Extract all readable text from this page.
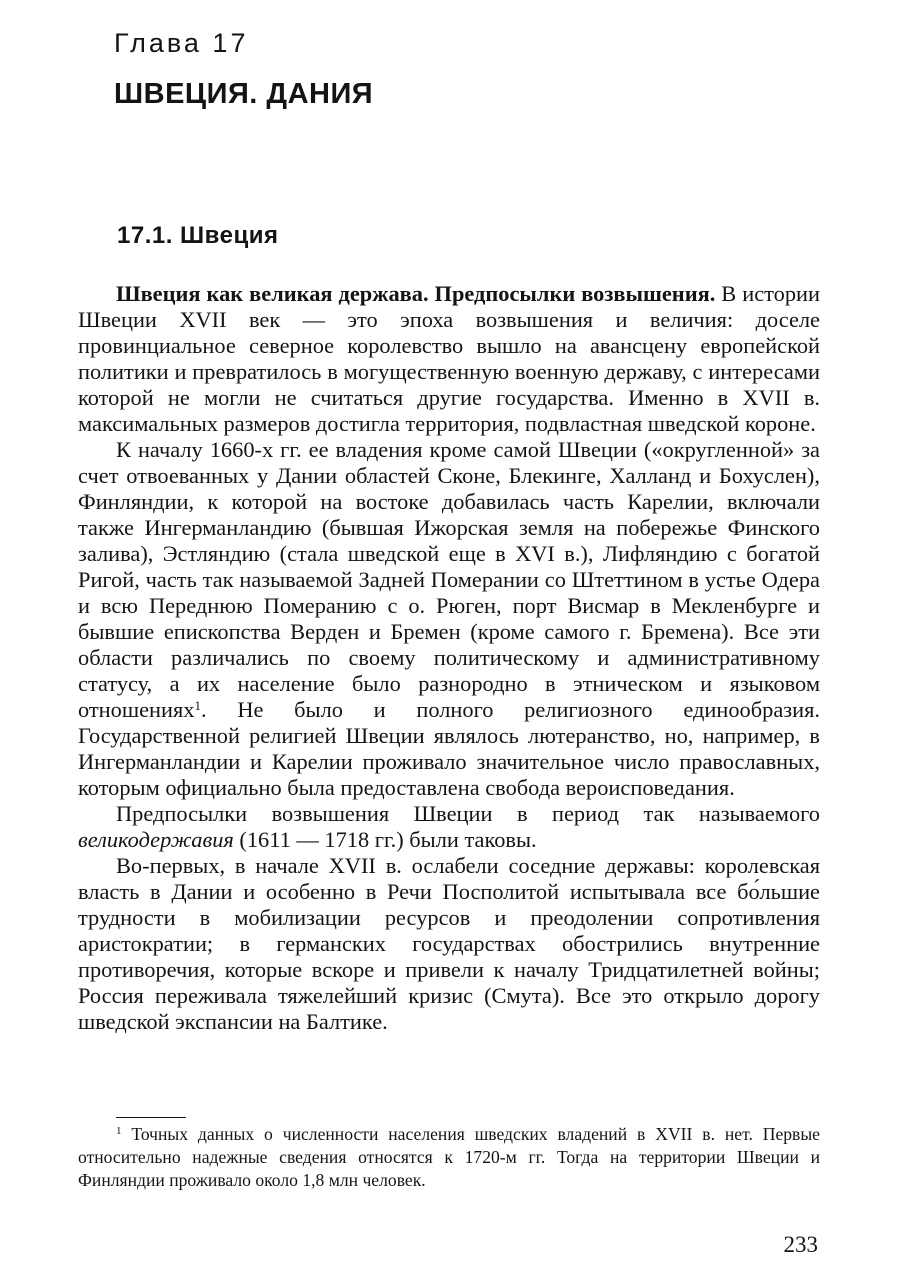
Глава 17
ШВЕЦИЯ. ДАНИЯ
17.1. Швеция

Швеция как великая держава. Предпосылки возвышения. В истории Швеции XVII век — это эпоха возвышения и величия: доселе провинциальное северное королевство вышло на авансцену европейской политики и превратилось в могущественную военную державу, с интересами которой не могли не считаться другие государства. Именно в XVII в. максимальных размеров достигла территория, подвластная шведской короне.

К началу 1660-х гг. ее владения кроме самой Швеции («округленной» за счет отвоеванных у Дании областей Сконе, Блекинге, Халланд и Бохуслен), Финляндии, к которой на востоке добавилась часть Карелии, включали также Ингерманландию (бывшая Ижорская земля на побережье Финского залива), Эстляндию (стала шведской еще в XVI в.), Лифляндию с богатой Ригой, часть так называемой Задней Померании со Штеттином в устье Одера и всю Переднюю Померанию с о. Рюген, порт Висмар в Мекленбурге и бывшие епископства Верден и Бремен (кроме самого г. Бремена). Все эти области различались по своему политическому и административному статусу, а их население было разнородно в этническом и языковом отношениях$^1$. Не было и полного религиозного единообразия. Государственной религией Швеции являлось лютеранство, но, например, в Ингерманландии и Карелии проживало значительное число православных, которым официально была предоставлена свобода вероисповедания.

Предпосылки возвышения Швеции в период так называемого великодержавия (1611 — 1718 гг.) были таковы.

Во-первых, в начале XVII в. ослабели соседние державы: королевская власть в Дании и особенно в Речи Посполитой испытывала все бо́льшие трудности в мобилизации ресурсов и преодолении сопротивления аристократии; в германских государствах обострились внутренние противоречия, которые вскоре и привели к началу Тридцатилетней войны; Россия переживала тяжелейший кризис (Смута). Все это открыло дорогу шведской экспансии на Балтике.

$^1$ Точных данных о численности населения шведских владений в XVII в. нет. Первые относительно надежные сведения относятся к 1720-м гг. Тогда на территории Швеции и Финляндии проживало около 1,8 млн человек.
233
